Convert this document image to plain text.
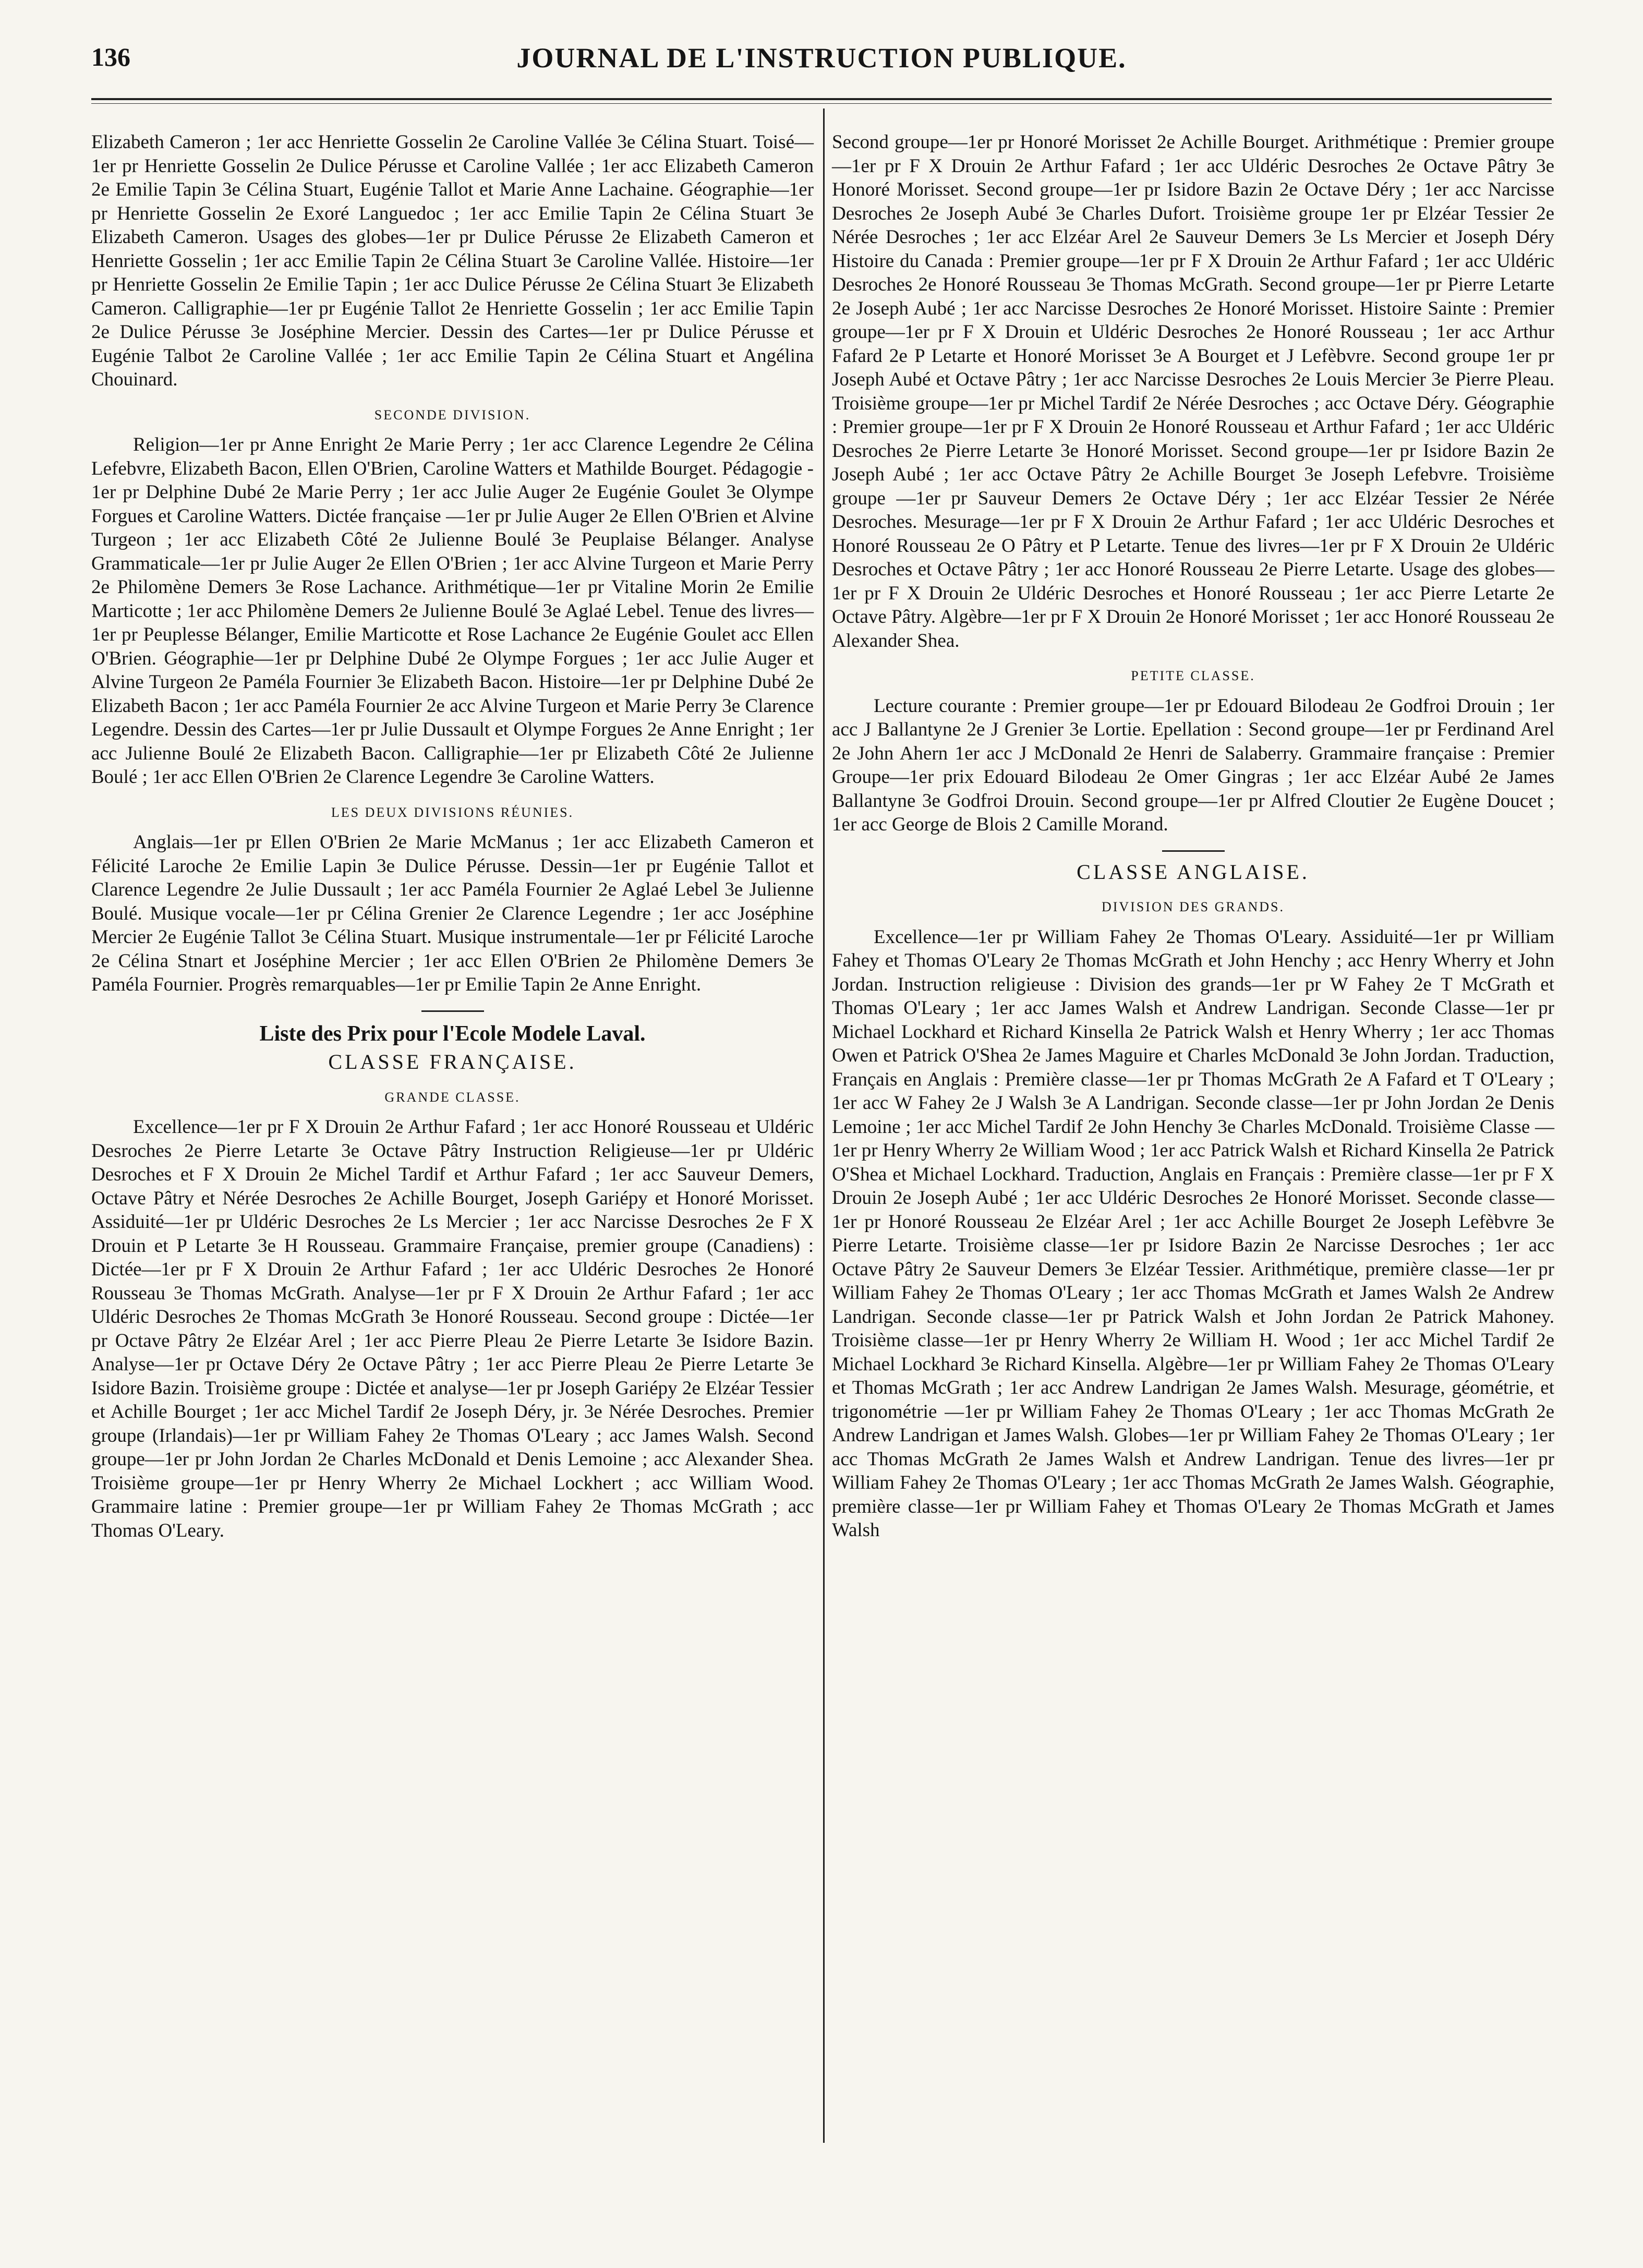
136	JOURNAL DE L'INSTRUCTION PUBLIQUE.

Elizabeth Cameron ; 1er acc Henriette Gosselin 2e Caroline Vallée 3e Célina Stuart. Toisé—1er pr Henriette Gosselin 2e Dulice Pérusse et Caroline Vallée ; 1er acc Elizabeth Cameron 2e Emilie Tapin 3e Célina Stuart, Eugénie Tallot et Marie Anne Lachaine. Géographie—1er pr Henriette Gosselin 2e Exoré Languedoc ; 1er acc Emilie Tapin 2e Célina Stuart 3e Elizabeth Cameron. Usages des globes—1er pr Dulice Pérusse 2e Elizabeth Cameron et Henriette Gosselin ; 1er acc Emilie Tapin 2e Célina Stuart 3e Caroline Vallée. Histoire—1er pr Henriette Gosselin 2e Emilie Tapin ; 1er acc Dulice Pérusse 2e Célina Stuart 3e Elizabeth Cameron. Calligraphie—1er pr Eugénie Tallot 2e Henriette Gosselin ; 1er acc Emilie Tapin 2e Dulice Pérusse 3e Joséphine Mercier. Dessin des Cartes—1er pr Dulice Pérusse et Eugénie Talbot 2e Caroline Vallée ; 1er acc Emilie Tapin 2e Célina Stuart et Angélina Chouinard.

SECONDE DIVISION.

Religion—1er pr Anne Enright 2e Marie Perry ; 1er acc Clarence Legendre 2e Célina Lefebvre, Elizabeth Bacon, Ellen O'Brien, Caroline Watters et Mathilde Bourget. Pédagogie - 1er pr Delphine Dubé 2e Marie Perry ; 1er acc Julie Auger 2e Eugénie Goulet 3e Olympe Forgues et Caroline Watters. Dictée française —1er pr Julie Auger 2e Ellen O'Brien et Alvine Turgeon ; 1er acc Elizabeth Côté 2e Julienne Boulé 3e Peuplaise Bélanger. Analyse Grammaticale—1er pr Julie Auger 2e Ellen O'Brien ; 1er acc Alvine Turgeon et Marie Perry 2e Philomène Demers 3e Rose Lachance. Arithmétique—1er pr Vitaline Morin 2e Emilie Marticotte ; 1er acc Philomène Demers 2e Julienne Boulé 3e Aglaé Lebel. Tenue des livres—1er pr Peuplesse Bélanger, Emilie Marticotte et Rose Lachance 2e Eugénie Goulet acc Ellen O'Brien. Géographie—1er pr Delphine Dubé 2e Olympe Forgues ; 1er acc Julie Auger et Alvine Turgeon 2e Paméla Fournier 3e Elizabeth Bacon. Histoire—1er pr Delphine Dubé 2e Elizabeth Bacon ; 1er acc Paméla Fournier 2e acc Alvine Turgeon et Marie Perry 3e Clarence Legendre. Dessin des Cartes—1er pr Julie Dussault et Olympe Forgues 2e Anne Enright ; 1er acc Julienne Boulé 2e Elizabeth Bacon. Calligraphie—1er pr Elizabeth Côté 2e Julienne Boulé ; 1er acc Ellen O'Brien 2e Clarence Legendre 3e Caroline Watters.

LES DEUX DIVISIONS RÉUNIES.

Anglais—1er pr Ellen O'Brien 2e Marie McManus ; 1er acc Elizabeth Cameron et Félicité Laroche 2e Emilie Lapin 3e Dulice Pérusse. Dessin—1er pr Eugénie Tallot et Clarence Legendre 2e Julie Dussault ; 1er acc Paméla Fournier 2e Aglaé Lebel 3e Julienne Boulé. Musique vocale—1er pr Célina Grenier 2e Clarence Legendre ; 1er acc Joséphine Mercier 2e Eugénie Tallot 3e Célina Stuart. Musique instrumentale—1er pr Félicité Laroche 2e Célina Stnart et Joséphine Mercier ; 1er acc Ellen O'Brien 2e Philomène Demers 3e Paméla Fournier. Progrès remarquables—1er pr Emilie Tapin 2e Anne Enright.

Liste des Prix pour l'Ecole Modele Laval.
CLASSE FRANÇAISE.
GRANDE CLASSE.

Excellence—1er pr F X Drouin 2e Arthur Fafard ; 1er acc Honoré Rousseau et Uldéric Desroches 2e Pierre Letarte 3e Octave Pâtry Instruction Religieuse—1er pr Uldéric Desroches et F X Drouin 2e Michel Tardif et Arthur Fafard ; 1er acc Sauveur Demers, Octave Pâtry et Nérée Desroches 2e Achille Bourget, Joseph Gariépy et Honoré Morisset. Assiduité—1er pr Uldéric Desroches 2e Ls Mercier ; 1er acc Narcisse Desroches 2e F X Drouin et P Letarte 3e H Rousseau. Grammaire Française, premier groupe (Canadiens) : Dictée—1er pr F X Drouin 2e Arthur Fafard ; 1er acc Uldéric Desroches 2e Honoré Rousseau 3e Thomas McGrath. Analyse—1er pr F X Drouin 2e Arthur Fafard ; 1er acc Uldéric Desroches 2e Thomas McGrath 3e Honoré Rousseau. Second groupe : Dictée—1er pr Octave Pâtry 2e Elzéar Arel ; 1er acc Pierre Pleau 2e Pierre Letarte 3e Isidore Bazin. Analyse—1er pr Octave Déry 2e Octave Pâtry ; 1er acc Pierre Pleau 2e Pierre Letarte 3e Isidore Bazin. Troisième groupe : Dictée et analyse—1er pr Joseph Gariépy 2e Elzéar Tessier et Achille Bourget ; 1er acc Michel Tardif 2e Joseph Déry, jr. 3e Nérée Desroches. Premier groupe (Irlandais)—1er pr William Fahey 2e Thomas O'Leary ; acc James Walsh. Second groupe—1er pr John Jordan 2e Charles McDonald et Denis Lemoine ; acc Alexander Shea. Troisième groupe—1er pr Henry Wherry 2e Michael Lockhert ; acc William Wood. Grammaire latine : Premier groupe—1er pr William Fahey 2e Thomas McGrath ; acc Thomas O'Leary.

Second groupe—1er pr Honoré Morisset 2e Achille Bourget. Arithmétique : Premier groupe—1er pr F X Drouin 2e Arthur Fafard ; 1er acc Uldéric Desroches 2e Octave Pâtry 3e Honoré Morisset. Second groupe—1er pr Isidore Bazin 2e Octave Déry ; 1er acc Narcisse Desroches 2e Joseph Aubé 3e Charles Dufort. Troisième groupe 1er pr Elzéar Tessier 2e Nérée Desroches ; 1er acc Elzéar Arel 2e Sauveur Demers 3e Ls Mercier et Joseph Déry Histoire du Canada : Premier groupe—1er pr F X Drouin 2e Arthur Fafard ; 1er acc Uldéric Desroches 2e Honoré Rousseau 3e Thomas McGrath. Second groupe—1er pr Pierre Letarte 2e Joseph Aubé ; 1er acc Narcisse Desroches 2e Honoré Morisset. Histoire Sainte : Premier groupe—1er pr F X Drouin et Uldéric Desroches 2e Honoré Rousseau ; 1er acc Arthur Fafard 2e P Letarte et Honoré Morisset 3e A Bourget et J Lefèbvre. Second groupe 1er pr Joseph Aubé et Octave Pâtry ; 1er acc Narcisse Desroches 2e Louis Mercier 3e Pierre Pleau. Troisième groupe—1er pr Michel Tardif 2e Nérée Desroches ; acc Octave Déry. Géographie : Premier groupe—1er pr F X Drouin 2e Honoré Rousseau et Arthur Fafard ; 1er acc Uldéric Desroches 2e Pierre Letarte 3e Honoré Morisset. Second groupe—1er pr Isidore Bazin 2e Joseph Aubé ; 1er acc Octave Pâtry 2e Achille Bourget 3e Joseph Lefebvre. Troisième groupe —1er pr Sauveur Demers 2e Octave Déry ; 1er acc Elzéar Tessier 2e Nérée Desroches. Mesurage—1er pr F X Drouin 2e Arthur Fafard ; 1er acc Uldéric Desroches et Honoré Rousseau 2e O Pâtry et P Letarte. Tenue des livres—1er pr F X Drouin 2e Uldéric Desroches et Octave Pâtry ; 1er acc Honoré Rousseau 2e Pierre Letarte. Usage des globes—1er pr F X Drouin 2e Uldéric Desroches et Honoré Rousseau ; 1er acc Pierre Letarte 2e Octave Pâtry. Algèbre—1er pr F X Drouin 2e Honoré Morisset ; 1er acc Honoré Rousseau 2e Alexander Shea.

PETITE CLASSE.

Lecture courante : Premier groupe—1er pr Edouard Bilodeau 2e Godfroi Drouin ; 1er acc J Ballantyne 2e J Grenier 3e Lortie. Epellation : Second groupe—1er pr Ferdinand Arel 2e John Ahern 1er acc J McDonald 2e Henri de Salaberry. Grammaire française : Premier Groupe—1er prix Edouard Bilodeau 2e Omer Gingras ; 1er acc Elzéar Aubé 2e James Ballantyne 3e Godfroi Drouin. Second groupe—1er pr Alfred Cloutier 2e Eugène Doucet ; 1er acc George de Blois 2 Camille Morand.

CLASSE ANGLAISE.
DIVISION DES GRANDS.

Excellence—1er pr William Fahey 2e Thomas O'Leary. Assiduité—1er pr William Fahey et Thomas O'Leary 2e Thomas McGrath et John Henchy ; acc Henry Wherry et John Jordan. Instruction religieuse : Division des grands—1er pr W Fahey 2e T McGrath et Thomas O'Leary ; 1er acc James Walsh et Andrew Landrigan. Seconde Classe—1er pr Michael Lockhard et Richard Kinsella 2e Patrick Walsh et Henry Wherry ; 1er acc Thomas Owen et Patrick O'Shea 2e James Maguire et Charles McDonald 3e John Jordan. Traduction, Français en Anglais : Première classe—1er pr Thomas McGrath 2e A Fafard et T O'Leary ; 1er acc W Fahey 2e J Walsh 3e A Landrigan. Seconde classe—1er pr John Jordan 2e Denis Lemoine ; 1er acc Michel Tardif 2e John Henchy 3e Charles McDonald. Troisième Classe —1er pr Henry Wherry 2e William Wood ; 1er acc Patrick Walsh et Richard Kinsella 2e Patrick O'Shea et Michael Lockhard. Traduction, Anglais en Français : Première classe—1er pr F X Drouin 2e Joseph Aubé ; 1er acc Uldéric Desroches 2e Honoré Morisset. Seconde classe—1er pr Honoré Rousseau 2e Elzéar Arel ; 1er acc Achille Bourget 2e Joseph Lefèbvre 3e Pierre Letarte. Troisième classe—1er pr Isidore Bazin 2e Narcisse Desroches ; 1er acc Octave Pâtry 2e Sauveur Demers 3e Elzéar Tessier. Arithmétique, première classe—1er pr William Fahey 2e Thomas O'Leary ; 1er acc Thomas McGrath et James Walsh 2e Andrew Landrigan. Seconde classe—1er pr Patrick Walsh et John Jordan 2e Patrick Mahoney. Troisième classe—1er pr Henry Wherry 2e William H. Wood ; 1er acc Michel Tardif 2e Michael Lockhard 3e Richard Kinsella. Algèbre—1er pr William Fahey 2e Thomas O'Leary et Thomas McGrath ; 1er acc Andrew Landrigan 2e James Walsh. Mesurage, géométrie, et trigonométrie —1er pr William Fahey 2e Thomas O'Leary ; 1er acc Thomas McGrath 2e Andrew Landrigan et James Walsh. Globes—1er pr William Fahey 2e Thomas O'Leary ; 1er acc Thomas McGrath 2e James Walsh et Andrew Landrigan. Tenue des livres—1er pr William Fahey 2e Thomas O'Leary ; 1er acc Thomas McGrath 2e James Walsh. Géographie, première classe—1er pr William Fahey et Thomas O'Leary 2e Thomas McGrath et James Walsh
